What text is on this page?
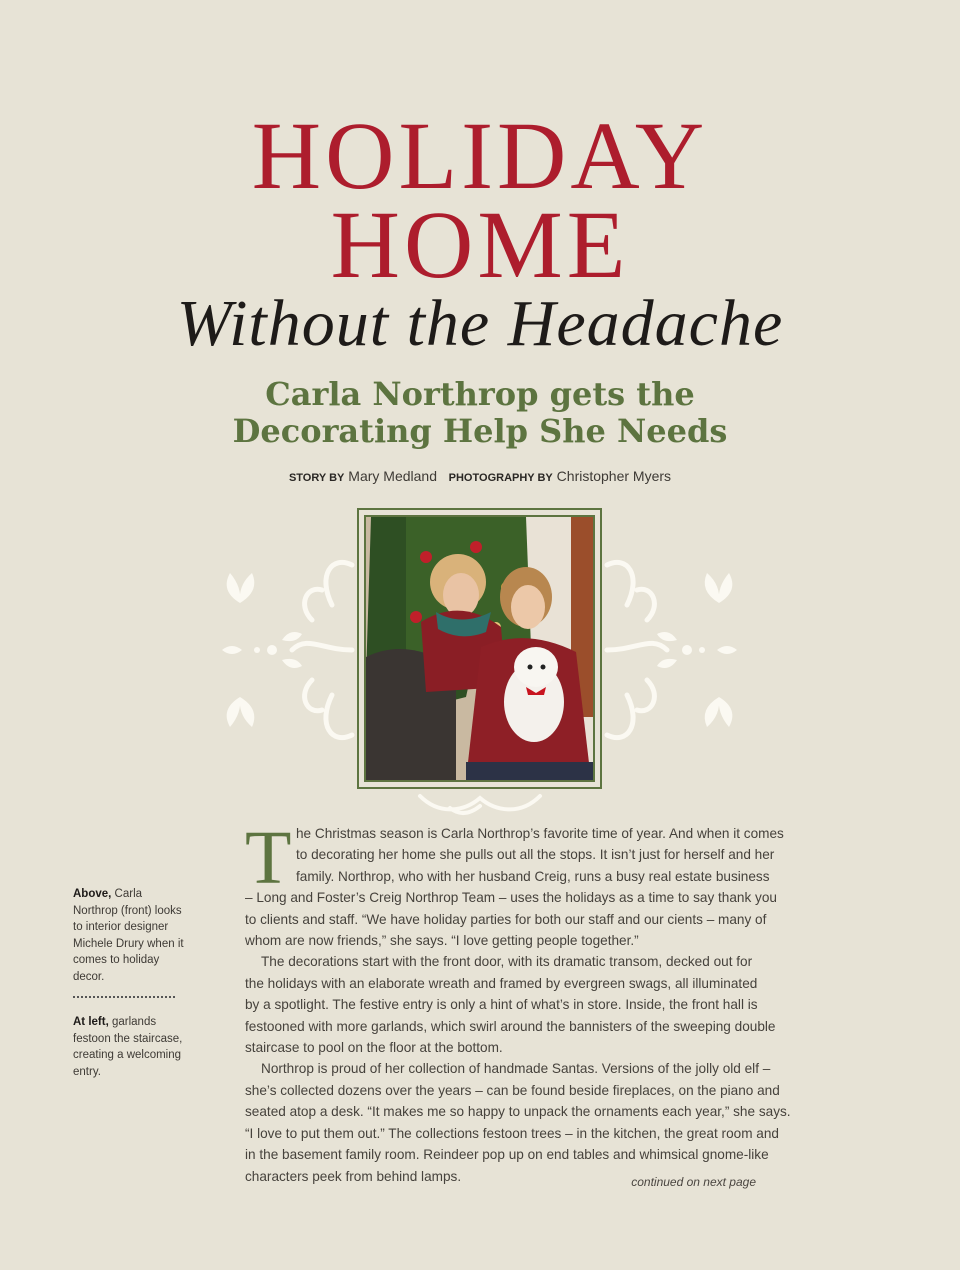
HOLIDAY
HOME
Without the Headache
Carla Northrop gets the
Decorating Help She Needs
STORY BY Mary Medland PHOTOGRAPHY BY Christopher Myers
Above, Carla Northrop (front) looks to interior designer Michele Drury when it comes to holiday decor.
At left, garlands festoon the staircase, creating a welcoming entry.
T he Christmas season is Carla Northrop’s favorite time of year. And when it comes
to decorating her home she pulls out all the stops. It isn’t just for herself and her
family. Northrop, who with her husband Creig, runs a busy real estate business
– Long and Foster’s Creig Northrop Team – uses the holidays as a time to say thank you
to clients and staff. “We have holiday parties for both our staff and our cients – many of
whom are now friends,” she says. “I love getting people together.”
The decorations start with the front door, with its dramatic transom, decked out for
the holidays with an elaborate wreath and framed by evergreen swags, all illuminated
by a spotlight. The festive entry is only a hint of what’s in store. Inside, the front hall is
festooned with more garlands, which swirl around the bannisters of the sweeping double
staircase to pool on the floor at the bottom.
Northrop is proud of her collection of handmade Santas. Versions of the jolly old elf –
she’s collected dozens over the years – can be found beside fireplaces, on the piano and
seated atop a desk. “It makes me so happy to unpack the ornaments each year,” she says.
“I love to put them out.” The collections festoon trees – in the kitchen, the great room and
in the basement family room. Reindeer pop up on end tables and whimsical gnome-like
characters peek from behind lamps.	continued on next page
